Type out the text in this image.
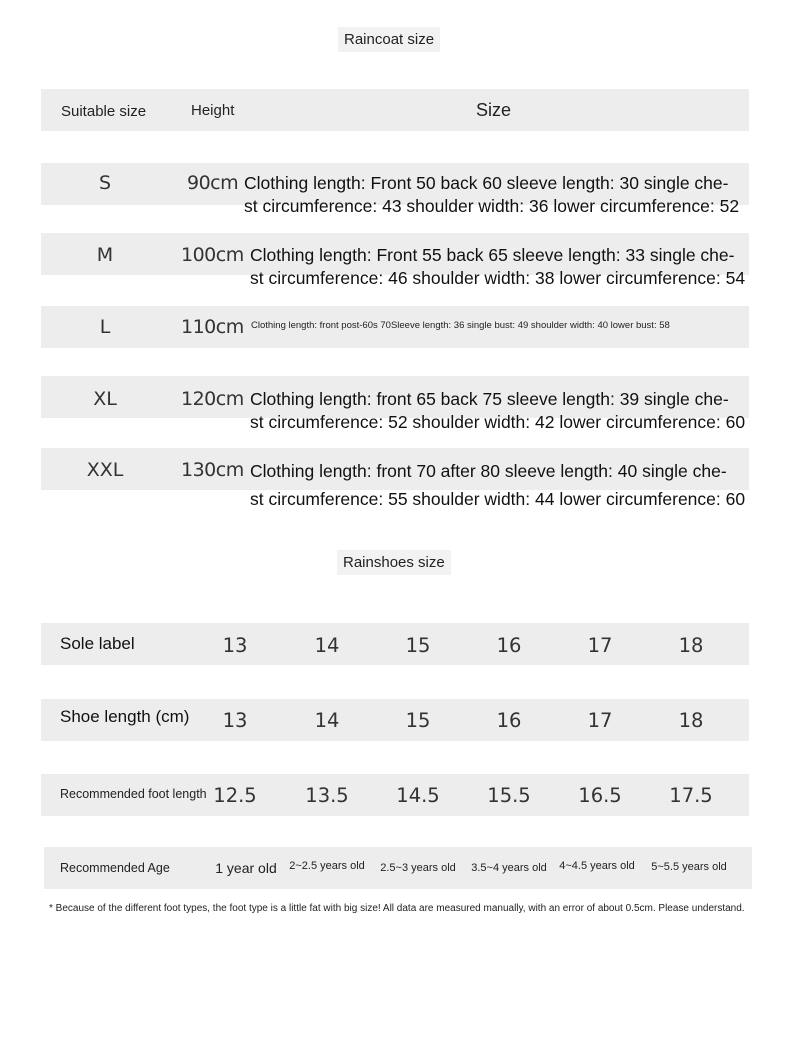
Raincoat size
Suitable size	Height	Size
S	90cm Clothing length: Front 50 back 60 sleeve length: 30 single che-
st circumference: 43 shoulder width: 36 lower circumference: 52
M	100cm Clothing length: Front 55 back 65 sleeve length: 33 single che-
st circumference: 46 shoulder width: 38 lower circumference: 54
L	110cm Clothing length: front post-60s 70Sleeve length: 36 single bust: 49 shoulder width: 40 lower bust: 58
XL	120cm Clothing length: front 65 back 75 sleeve length: 39 single che-
st circumference: 52 shoulder width: 42 lower circumference: 60
XXL	130cm Clothing length: front 70 after 80 sleeve length: 40 single che-
st circumference: 55 shoulder width: 44 lower circumference: 60
Rainshoes size
Sole label	13	14	15	16	17	18
Shoe length (cm)	13	14	15	16	17	18
Recommended foot length 12.5	13.5	14.5	15.5	16.5	17.5
Recommended Age	1 year old	2~2.5 years old	2.5~3 years old	3.5~4 years old	4~4.5 years old	5~5.5 years old
* Because of the different foot types, the foot type is a little fat with big size! All data are measured manually, with an error of about 0.5cm. Please understand.
